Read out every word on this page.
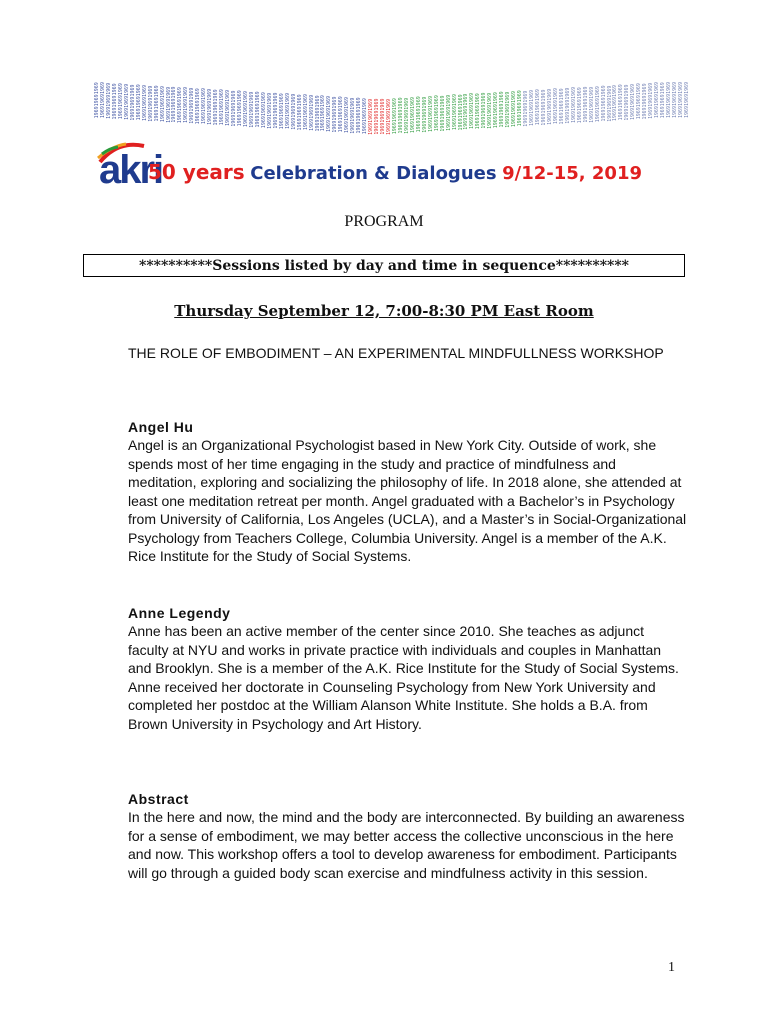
196919691969 196919691969 196919691969 196919691969 196919691969 196919691969 196919691969 196919691969 196919691969 196919691969 196919691969 196919691969 196919691969 196919691969 196919691969 196919691969 196919691969 196919691969 196919691969 196919691969 196919691969 196919691969 196919691969 196919691969 196919691969 196919691969 196919691969 196919691969 196919691969 196919691969 196919691969 196919691969 196919691969 196919691969 196919691969 196919691969 196919691969 196919691969 196919691969 196919691969 196919691969 196919691969 196919691969 196919691969 196919691969 196919691969 196919691969 196919691969 196919691969 196919691969 196919691969 196919691969 196919691969 196919691969 196919691969 196919691969 196919691969 196919691969 196919691969 196919691969 196919691969 196919691969 196919691969 196919691969 196919691969 196919691969 196919691969 196919691969 196919691969 196919691969 196919691969 196919691969 196919691969 196919691969 196919691969 196919691969 196919691969 196919691969 196919691969 196919691969 196919691969 196919691969 196919691969 196919691969 196919691969 196919691969 196919691969 196919691969 196919691969 196919691969 196919691969 196919691969 196919691969 196919691969 196919691969 196919691969 196919691969 196919691969 196919691969 196919691969
akri
50 years Celebration & Dialogues 9/12-15, 2019
PROGRAM
**********Sessions listed by day and time in sequence**********
Thursday September 12, 7:00-8:30 PM East Room
THE ROLE OF EMBODIMENT – AN EXPERIMENTAL MINDFULLNESS WORKSHOP
Angel Hu
Angel is an Organizational Psychologist based in New York City. Outside of work, she spends most of her time engaging in the study and practice of mindfulness and meditation, exploring and socializing the philosophy of life. In 2018 alone, she attended at least one meditation retreat per month. Angel graduated with a Bachelor’s in Psychology from University of California, Los Angeles (UCLA), and a Master’s in Social-Organizational Psychology from Teachers College, Columbia University. Angel is a member of the A.K. Rice Institute for the Study of Social Systems.
Anne Legendy
Anne has been an active member of the center since 2010. She teaches as adjunct faculty at NYU and works in private practice with individuals and couples in Manhattan and Brooklyn. She is a member of the A.K. Rice Institute for the Study of Social Systems. Anne received her doctorate in Counseling Psychology from New York University and completed her postdoc at the William Alanson White Institute. She holds a B.A. from Brown University in Psychology and Art History.
Abstract
In the here and now, the mind and the body are interconnected. By building an awareness for a sense of embodiment, we may better access the collective unconscious in the here and now. This workshop offers a tool to develop awareness for embodiment. Participants will go through a guided body scan exercise and mindfulness activity in this session.
1
